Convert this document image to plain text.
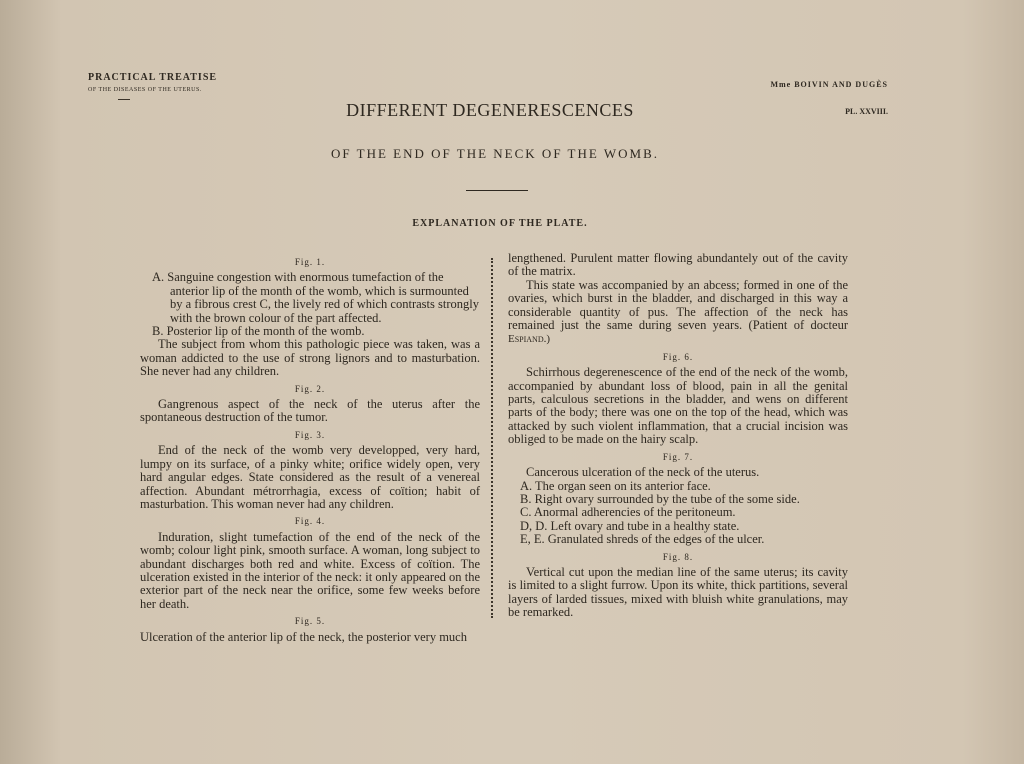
PRACTICAL TREATISE
OF THE DISEASES OF THE UTERUS.
Mme BOIVIN AND DUGÈS
PL. XXVIII.
DIFFERENT DEGENERESCENCES
OF THE END OF THE NECK OF THE WOMB.
EXPLANATION OF THE PLATE.
Fig. 1.
A. Sanguine congestion with enormous tumefaction of the anterior lip of the month of the womb, which is surmounted by a fibrous crest C, the lively red of which contrasts strongly with the brown colour of the part affected.
B. Posterior lip of the month of the womb.
The subject from whom this pathologic piece was taken, was a woman addicted to the use of strong lignors and to masturbation. She never had any children.
Fig. 2.
Gangrenous aspect of the neck of the uterus after the spontaneous destruction of the tumor.
Fig. 3.
End of the neck of the womb very developped, very hard, lumpy on its surface, of a pinky white; orifice widely open, very hard angular edges. State considered as the result of a venereal affection. Abundant métrorrhagia, excess of coïtion; habit of masturbation. This woman never had any children.
Fig. 4.
Induration, slight tumefaction of the end of the neck of the womb; colour light pink, smooth surface. A woman, long subject to abundant discharges both red and white. Excess of coïtion. The ulceration existed in the interior of the neck: it only appeared on the exterior part of the neck near the orifice, some few weeks before her death.
Fig. 5.
Ulceration of the anterior lip of the neck, the posterior very much
lengthened. Purulent matter flowing abundantely out of the cavity of the matrix.
This state was accompanied by an abcess; formed in one of the ovaries, which burst in the bladder, and discharged in this way a considerable quantity of pus. The affection of the neck has remained just the same during seven years. (Patient of docteur Espiand.)
Fig. 6.
Schirrhous degerenescence of the end of the neck of the womb, accompanied by abundant loss of blood, pain in all the genital parts, calculous secretions in the bladder, and wens on different parts of the body; there was one on the top of the head, which was attacked by such violent inflammation, that a crucial incision was obliged to be made on the hairy scalp.
Fig. 7.
Cancerous ulceration of the neck of the uterus.
A. The organ seen on its anterior face.
B. Right ovary surrounded by the tube of the some side.
C. Anormal adherencies of the peritoneum.
D, D. Left ovary and tube in a healthy state.
E, E. Granulated shreds of the edges of the ulcer.
Fig. 8.
Vertical cut upon the median line of the same uterus; its cavity is limited to a slight furrow. Upon its white, thick partitions, several layers of larded tissues, mixed with bluish white granulations, may be remarked.
